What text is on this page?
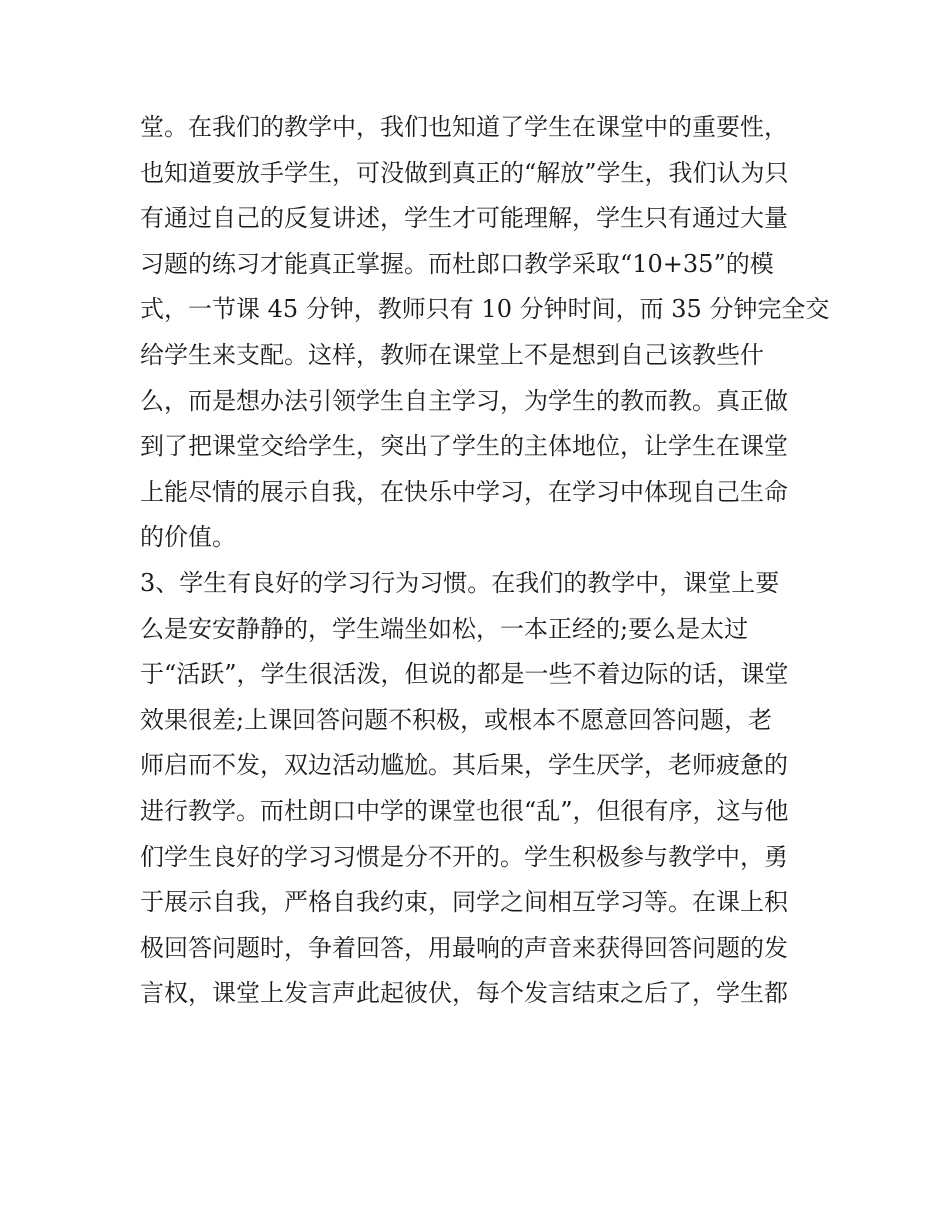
堂。在我们的教学中，我们也知道了学生在课堂中的重要性，
也知道要放手学生，可没做到真正的“解放”学生，我们认为只
有通过自己的反复讲述，学生才可能理解，学生只有通过大量
习题的练习才能真正掌握。而杜郎口教学采取“10+35”的模
式，一节课 45 分钟，教师只有 10 分钟时间，而 35 分钟完全交
给学生来支配。这样，教师在课堂上不是想到自己该教些什
么，而是想办法引领学生自主学习，为学生的教而教。真正做
到了把课堂交给学生，突出了学生的主体地位，让学生在课堂
上能尽情的展示自我，在快乐中学习，在学习中体现自己生命
的价值。
3、学生有良好的学习行为习惯。在我们的教学中，课堂上要
么是安安静静的，学生端坐如松，一本正经的;要么是太过
于“活跃”，学生很活泼，但说的都是一些不着边际的话，课堂
效果很差;上课回答问题不积极，或根本不愿意回答问题，老
师启而不发，双边活动尴尬。其后果，学生厌学，老师疲惫的
进行教学。而杜朗口中学的课堂也很“乱”，但很有序，这与他
们学生良好的学习习惯是分不开的。学生积极参与教学中，勇
于展示自我，严格自我约束，同学之间相互学习等。在课上积
极回答问题时，争着回答，用最响的声音来获得回答问题的发
言权，课堂上发言声此起彼伏，每个发言结束之后了，学生都
